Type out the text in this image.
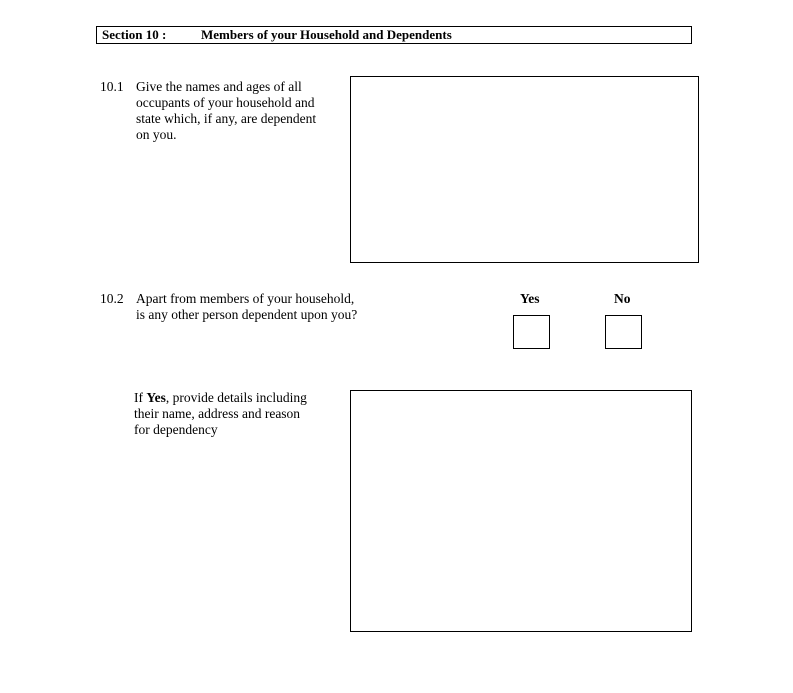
Section 10 :	Members of your Household and Dependents
10.1 Give the names and ages of all
occupants of your household and
state which, if any, are dependent
on you.
10.2 Apart from members of your household,
is any other person dependent upon you?
Yes	No
If Yes, provide details including
their name, address and reason
for dependency
